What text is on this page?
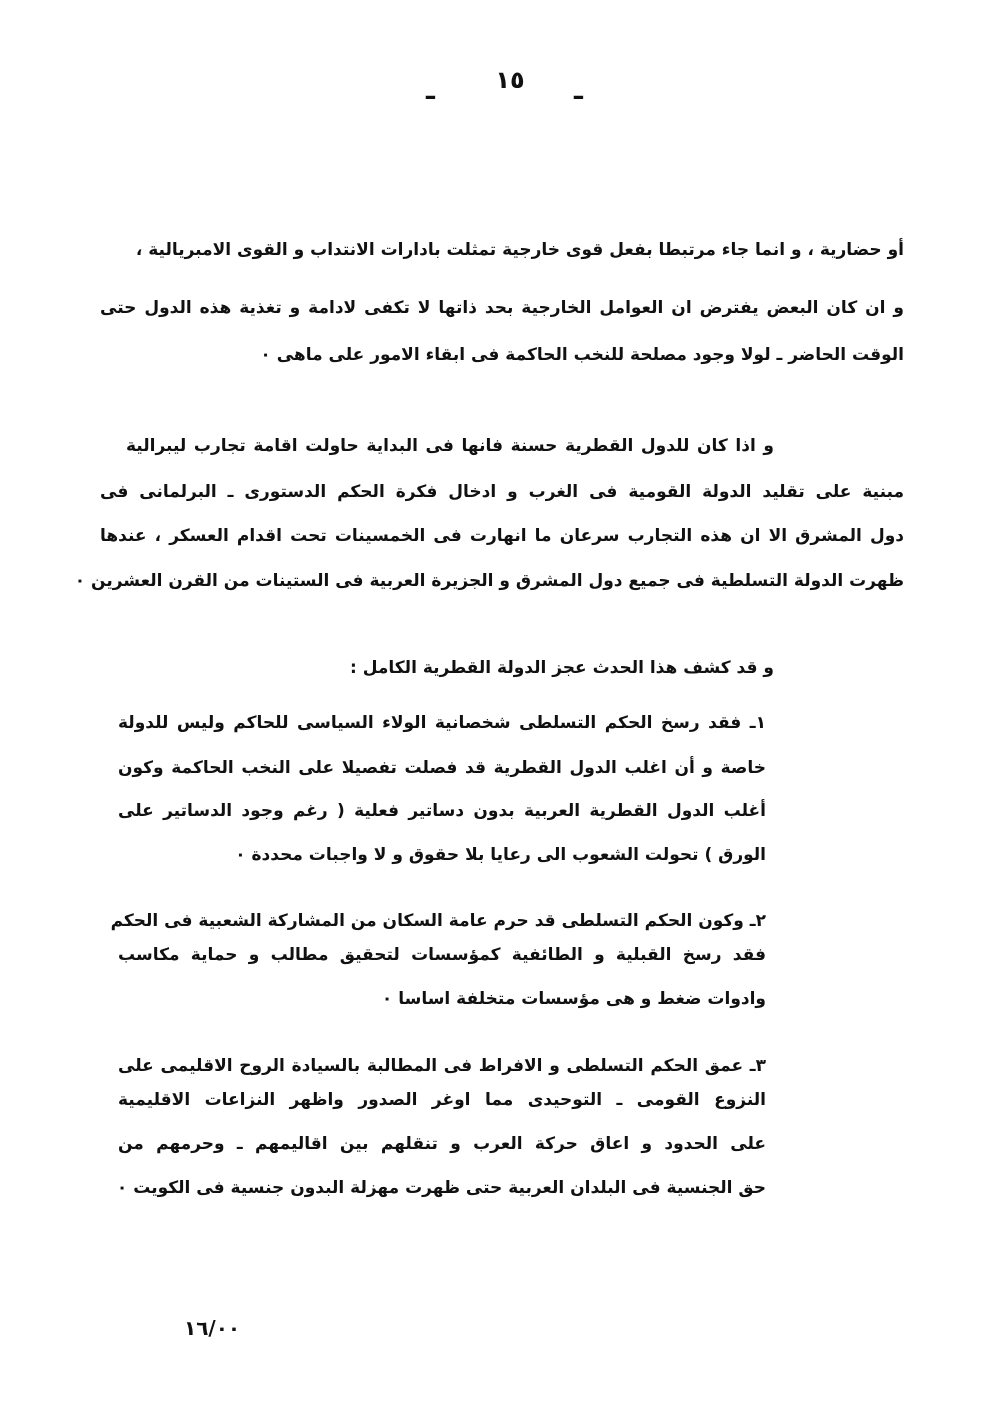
ـ	١٥	ـ
أو حضارية ، و انما جاء مرتبطا بفعل قوى خارجية تمثلت بادارات الانتداب و القوى الامبريالية ،
و ان كان البعض يفترض ان العوامل الخارجية بحد ذاتها لا تكفى لادامة و تغذية هذه الدول حتى
الوقت الحاضر ـ لولا وجود مصلحة للنخب الحاكمة فى ابقاء الامور على ماهى ٠
و اذا كان للدول القطرية حسنة فانها فى البداية حاولت اقامة تجارب ليبرالية
مبنية على تقليد الدولة القومية فى الغرب و ادخال فكرة الحكم الدستورى ـ البرلمانى فى
دول المشرق الا ان هذه التجارب سرعان ما انهارت فى الخمسينات تحت اقدام العسكر ، عندها
ظهرت الدولة التسلطية فى جميع دول المشرق و الجزيرة العربية فى الستينات من القرن العشرين ٠
و قد كشف هذا الحدث عجز الدولة القطرية الكامل :
١ـ فقد رسخ الحكم التسلطى شخصانية الولاء السياسى للحاكم وليس للدولة
خاصة و أن اغلب الدول القطرية قد فصلت تفصيلا على النخب الحاكمة وكون
أغلب الدول القطرية العربية بدون دساتير فعلية ( رغم وجود الدساتير على
الورق ) تحولت الشعوب الى رعايا بلا حقوق و لا واجبات محددة ٠
٢ـ وكون الحكم التسلطى قد حرم عامة السكان من المشاركة الشعبية فى الحكم
فقد رسخ القبلية و الطائفية كمؤسسات لتحقيق مطالب و حماية مكاسب
وادوات ضغط و هى مؤسسات متخلفة اساسا ٠
٣ـ عمق الحكم التسلطى و الافراط فى المطالبة بالسيادة الروح الاقليمى على
النزوع القومى ـ التوحيدى مما اوغر الصدور واظهر النزاعات الاقليمية
على الحدود و اعاق حركة العرب و تنقلهم بين اقاليمهم ـ وحرمهم من
حق الجنسية فى البلدان العربية حتى ظهرت مهزلة البدون جنسية فى الكويت ٠
١٦/٠٠
